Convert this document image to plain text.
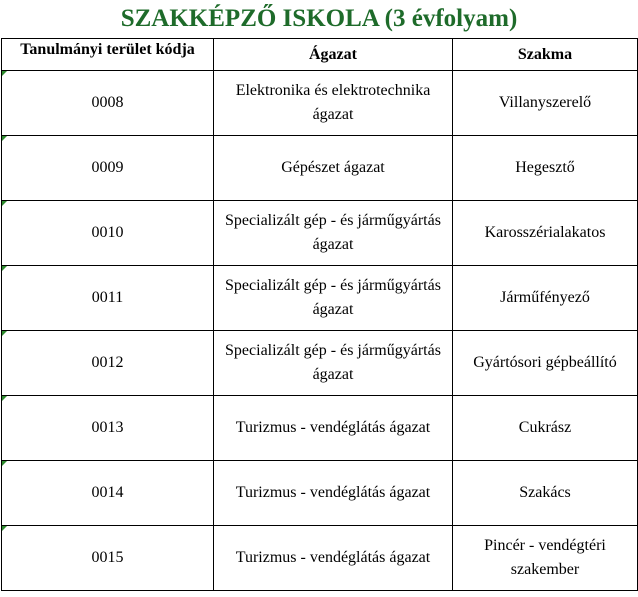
SZAKKÉPZŐ ISKOLA (3 évfolyam)
Tanulmányi terület kódja	Ágazat	Szakma

0008	Elektronika és elektrotechnika ágazat	Villanyszerelő

0009	Gépészet ágazat	Hegesztő

0010	Specializált gép - és járműgyártás ágazat	Karosszérialakatos

0011	Specializált gép - és járműgyártás ágazat	Járműfényező

0012	Specializált gép - és járműgyártás ágazat	Gyártósori gépbeállító

0013	Turizmus - vendéglátás ágazat	Cukrász

0014	Turizmus - vendéglátás ágazat	Szakács

0015	Turizmus - vendéglátás ágazat	Pincér - vendégtéri szakember
